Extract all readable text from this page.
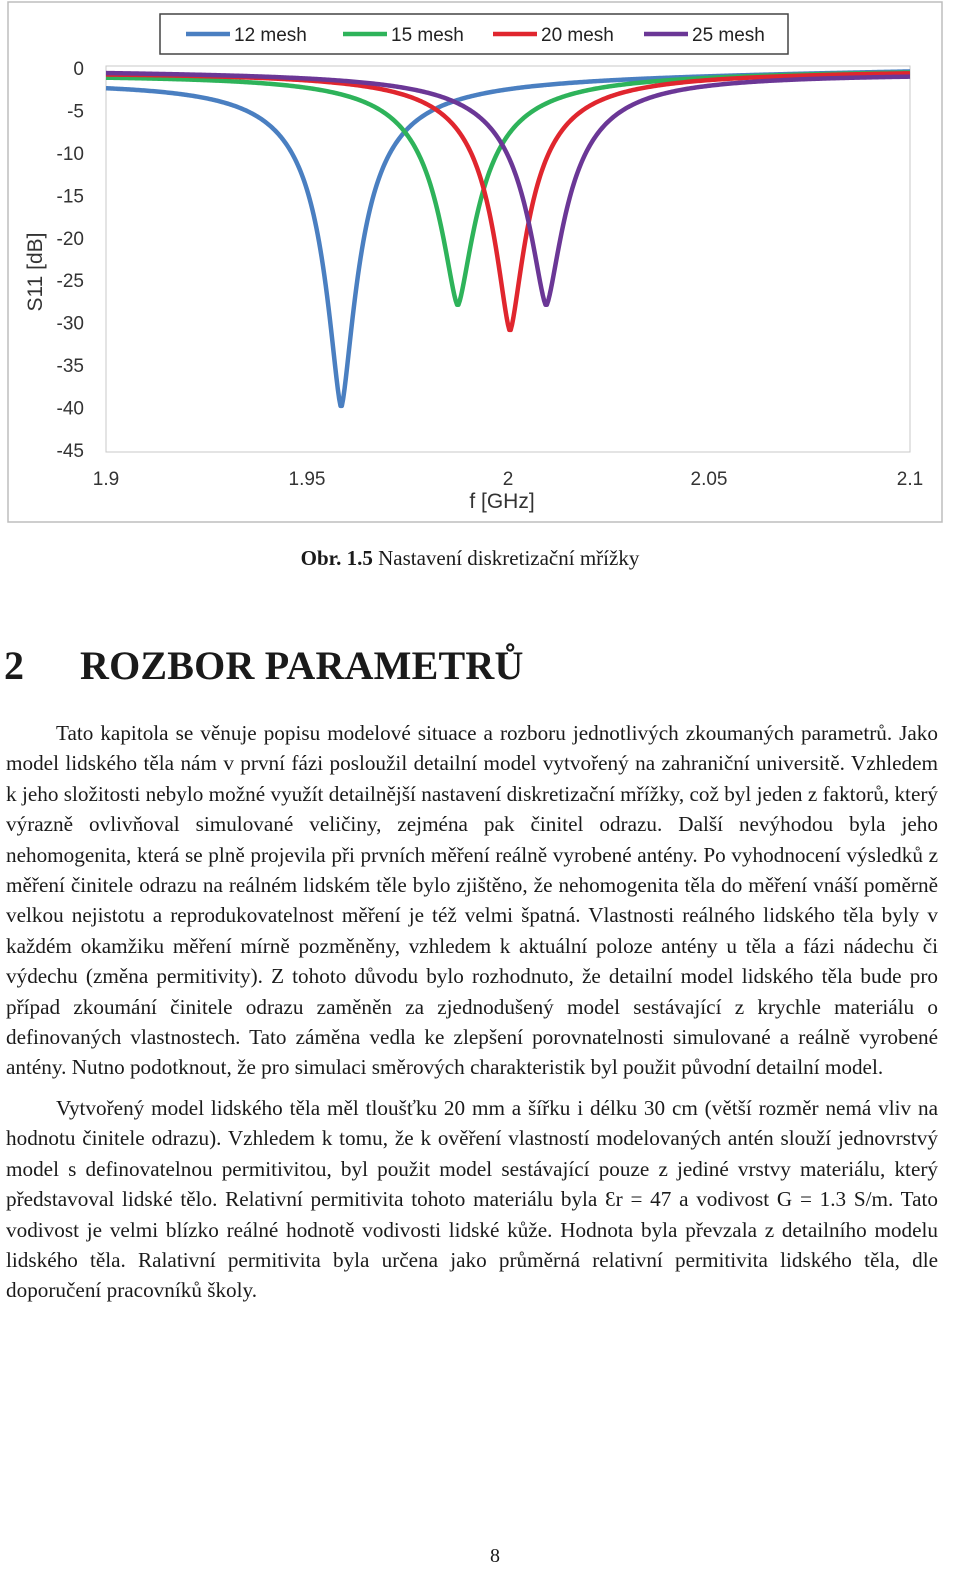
0
-5
-10
-15
-20
-25
-30
-35
-40
-45
1.9	1.95	2	2.05	2.1
S11 [dB]
f [GHz]
12 mesh	15 mesh	20 mesh	25 mesh
Obr. 1.5 Nastavení diskretizační mřížky
2 ROZBOR PARAMETRŮ

Tato kapitola se věnuje popisu modelové situace a rozboru jednotlivých zkoumaných parametrů. Jako model lidského těla nám v první fázi posloužil detailní model vytvořený na zahraniční universitě. Vzhledem k jeho složitosti nebylo možné využít detailnější nastavení diskretizační mřížky, což byl jeden z faktorů, který výrazně ovlivňoval simulované veličiny, zejména pak činitel odrazu. Další nevýhodou byla jeho nehomogenita, která se plně projevila při prvních měření reálně vyrobené antény. Po vyhodnocení výsledků z měření činitele odrazu na reálném lidském těle bylo zjištěno, že nehomogenita těla do měření vnáší poměrně velkou nejistotu a reprodukovatelnost měření je též velmi špatná. Vlastnosti reálného lidského těla byly v každém okamžiku měření mírně pozměněny, vzhledem k aktuální poloze antény u těla a fázi nádechu či výdechu (změna permitivity). Z tohoto důvodu bylo rozhodnuto, že detailní model lidského těla bude pro případ zkoumání činitele odrazu zaměněn za zjednodušený model sestávající z krychle materiálu o definovaných vlastnostech. Tato záměna vedla ke zlepšení porovnatelnosti simulované a reálně vyrobené antény. Nutno podotknout, že pro simulaci směrových charakteristik byl použit původní detailní model.

Vytvořený model lidského těla měl tloušťku 20 mm a šířku i délku 30 cm (větší rozměr nemá vliv na hodnotu činitele odrazu). Vzhledem k tomu, že k ověření vlastností modelovaných antén slouží jednovrstvý model s definovatelnou permitivitou, byl použit model sestávající pouze z jediné vrstvy materiálu, který představoval lidské tělo. Relativní permitivita tohoto materiálu byla Ɛr = 47 a vodivost G = 1.3 S/m. Tato vodivost je velmi blízko reálné hodnotě vodivosti lidské kůže. Hodnota byla převzala z detailního modelu lidského těla. Ralativní permitivita byla určena jako průměrná relativní permitivita lidského těla, dle doporučení pracovníků školy.

8
